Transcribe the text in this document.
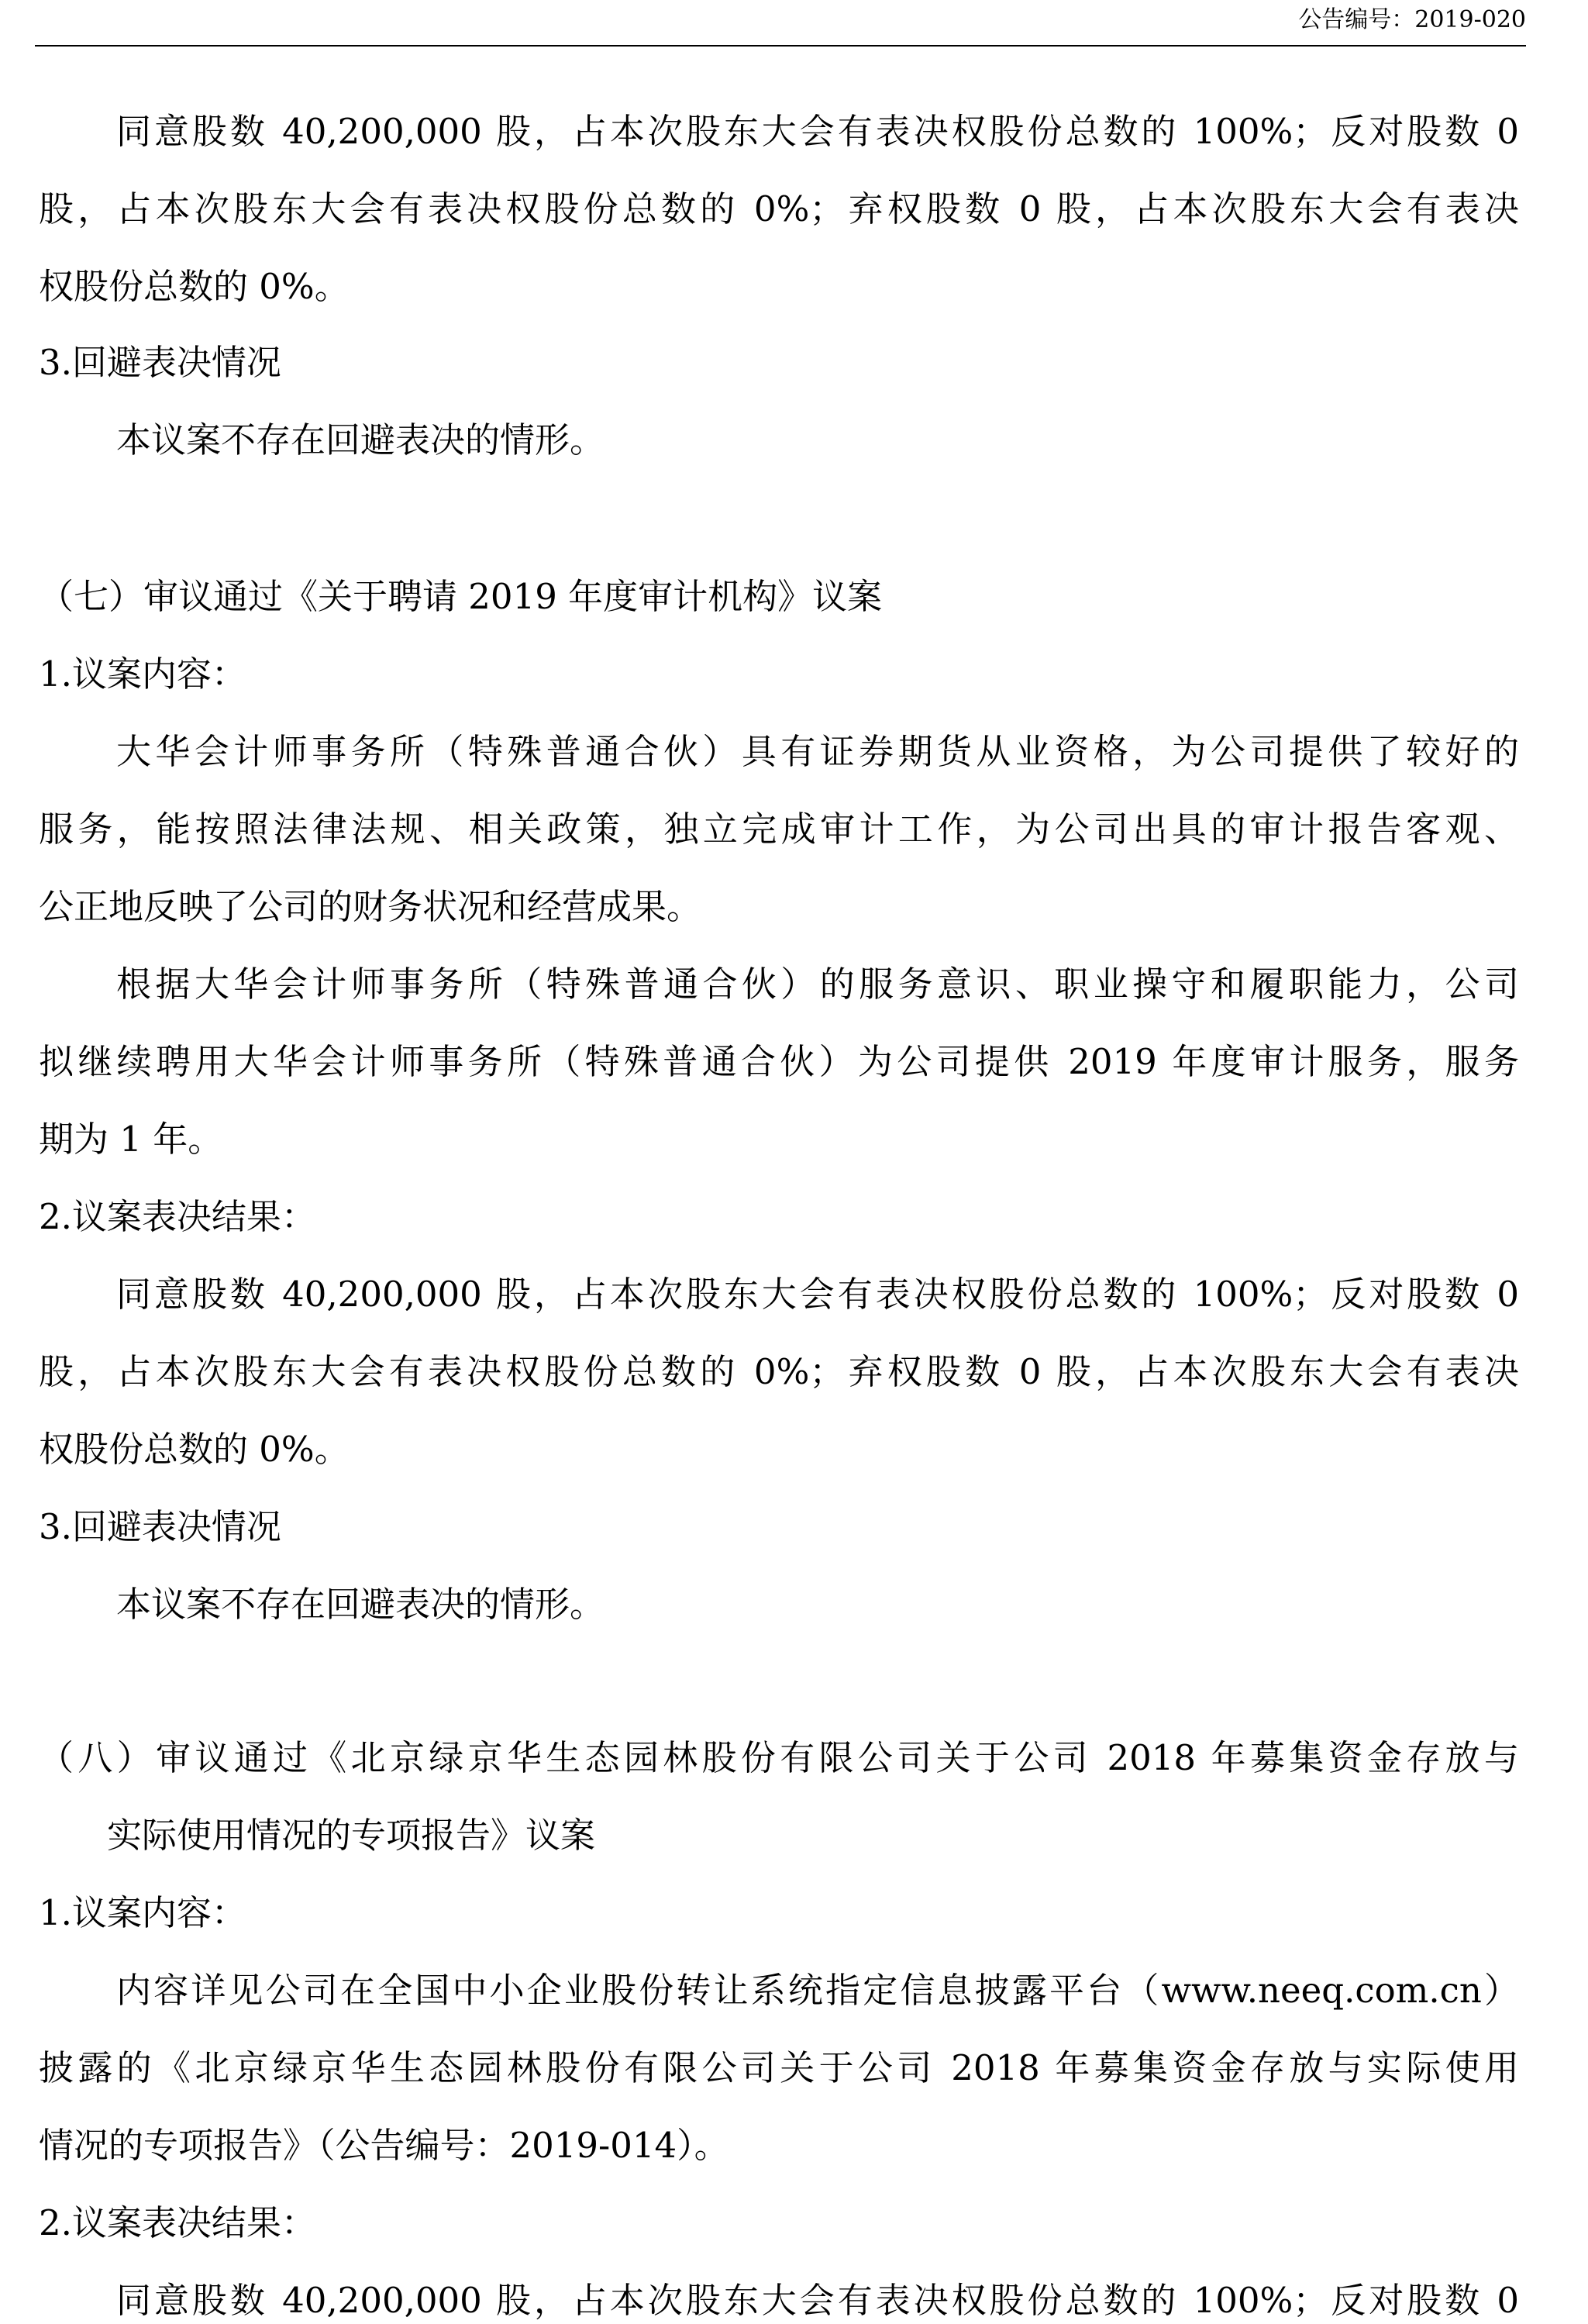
公告编号：2019-020
同意股数 40,200,000 股，占本次股东大会有表决权股份总数的 100%；反对股数 0
股，占本次股东大会有表决权股份总数的 0%；弃权股数 0 股，占本次股东大会有表决
权股份总数的 0%。
3.回避表决情况
本议案不存在回避表决的情形。
（七）审议通过《关于聘请 2019 年度审计机构》议案
1.议案内容：
大华会计师事务所（特殊普通合伙）具有证券期货从业资格，为公司提供了较好的
服务，能按照法律法规、相关政策，独立完成审计工作，为公司出具的审计报告客观、
公正地反映了公司的财务状况和经营成果。
根据大华会计师事务所（特殊普通合伙）的服务意识、职业操守和履职能力，公司
拟继续聘用大华会计师事务所（特殊普通合伙）为公司提供 2019 年度审计服务，服务
期为 1 年。
2.议案表决结果：
同意股数 40,200,000 股，占本次股东大会有表决权股份总数的 100%；反对股数 0
股，占本次股东大会有表决权股份总数的 0%；弃权股数 0 股，占本次股东大会有表决
权股份总数的 0%。
3.回避表决情况
本议案不存在回避表决的情形。
（八）审议通过《北京绿京华生态园林股份有限公司关于公司 2018 年募集资金存放与
实际使用情况的专项报告》议案
1.议案内容：
内容详见公司在全国中小企业股份转让系统指定信息披露平台（www.neeq.com.cn）
披露的《北京绿京华生态园林股份有限公司关于公司 2018 年募集资金存放与实际使用
情况的专项报告》（公告编号：2019-014）。
2.议案表决结果：
同意股数 40,200,000 股，占本次股东大会有表决权股份总数的 100%；反对股数 0
